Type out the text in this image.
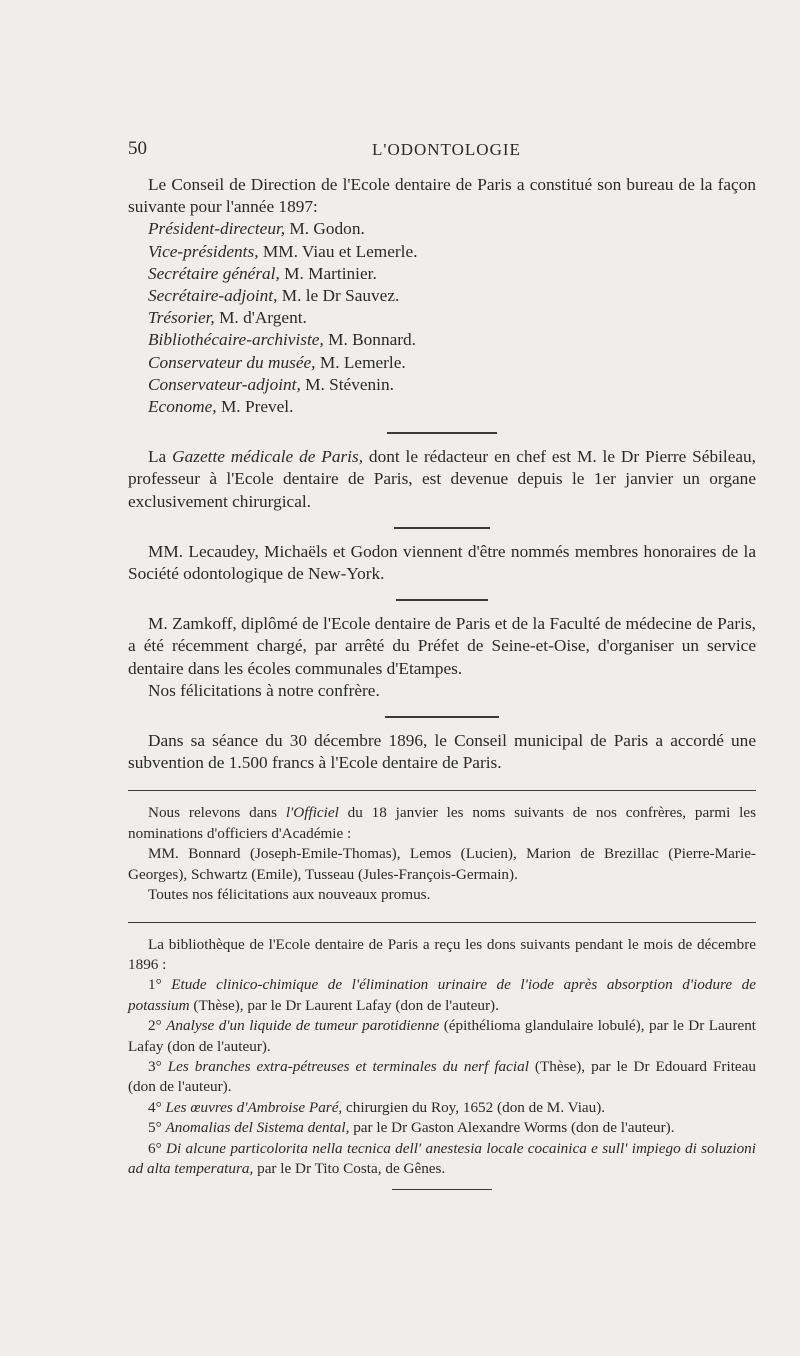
50	L'ODONTOLOGIE

Le Conseil de Direction de l'Ecole dentaire de Paris a constitué son bureau de la façon suivante pour l'année 1897:

Président-directeur, M. Godon.

Vice-présidents, MM. Viau et Lemerle.

Secrétaire général, M. Martinier.

Secrétaire-adjoint, M. le Dr Sauvez.

Trésorier, M. d'Argent.

Bibliothécaire-archiviste, M. Bonnard.

Conservateur du musée, M. Lemerle.

Conservateur-adjoint, M. Stévenin.

Econome, M. Prevel.

La Gazette médicale de Paris, dont le rédacteur en chef est M. le Dr Pierre Sébileau, professeur à l'Ecole dentaire de Paris, est devenue depuis le 1er janvier un organe exclusivement chirurgical.

MM. Lecaudey, Michaëls et Godon viennent d'être nommés membres honoraires de la Société odontologique de New-York.

M. Zamkoff, diplômé de l'Ecole dentaire de Paris et de la Faculté de médecine de Paris, a été récemment chargé, par arrêté du Préfet de Seine-et-Oise, d'organiser un service dentaire dans les écoles communales d'Etampes.

Nos félicitations à notre confrère.

Dans sa séance du 30 décembre 1896, le Conseil municipal de Paris a accordé une subvention de 1.500 francs à l'Ecole dentaire de Paris.

Nous relevons dans l'Officiel du 18 janvier les noms suivants de nos confrères, parmi les nominations d'officiers d'Académie :

MM. Bonnard (Joseph-Emile-Thomas), Lemos (Lucien), Marion de Brezillac (Pierre-Marie-Georges), Schwartz (Emile), Tusseau (Jules-François-Germain).

Toutes nos félicitations aux nouveaux promus.

La bibliothèque de l'Ecole dentaire de Paris a reçu les dons suivants pendant le mois de décembre 1896 :

1° Etude clinico-chimique de l'élimination urinaire de l'iode après absorption d'iodure de potassium (Thèse), par le Dr Laurent Lafay (don de l'auteur).

2° Analyse d'un liquide de tumeur parotidienne (épithélioma glandulaire lobulé), par le Dr Laurent Lafay (don de l'auteur).

3° Les branches extra-pétreuses et terminales du nerf facial (Thèse), par le Dr Edouard Friteau (don de l'auteur).

4° Les œuvres d'Ambroise Paré, chirurgien du Roy, 1652 (don de M. Viau).

5° Anomalias del Sistema dental, par le Dr Gaston Alexandre Worms (don de l'auteur).

6° Di alcune particolorita nella tecnica dell' anestesia locale cocainica e sull' impiego di soluzioni ad alta temperatura, par le Dr Tito Costa, de Gênes.
